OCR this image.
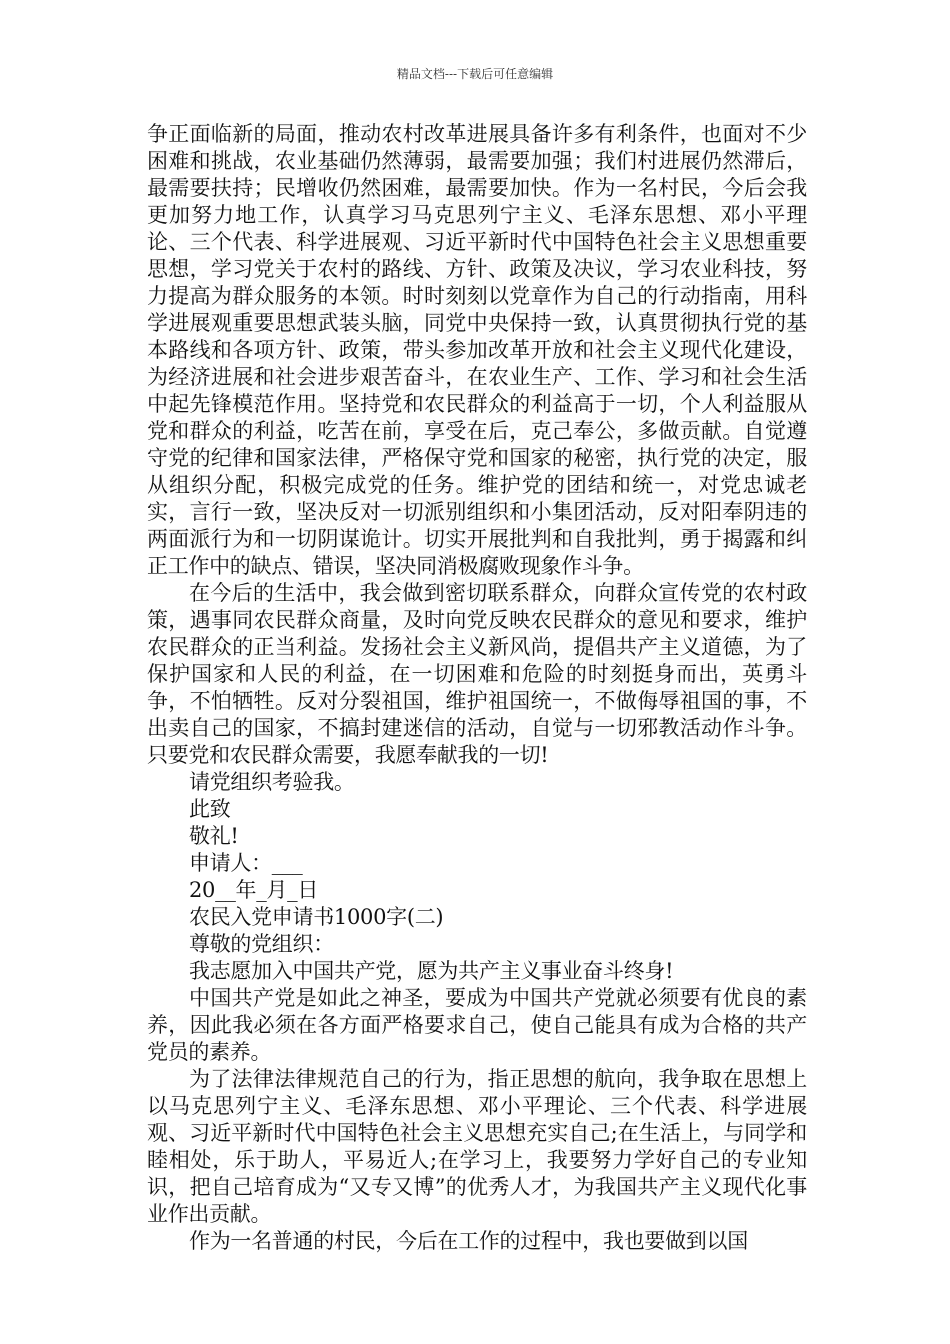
精品文档---下载后可任意编辑

争正面临新的局面，推动农村改革进展具备许多有利条件，也面对不少困难和挑战，农业基础仍然薄弱，最需要加强；我们村进展仍然滞后，最需要扶持；民增收仍然困难，最需要加快。作为一名村民，今后会我更加努力地工作，认真学习马克思列宁主义、毛泽东思想、邓小平理论、三个代表、科学进展观、习近平新时代中国特色社会主义思想重要思想，学习党关于农村的路线、方针、政策及决议，学习农业科技，努力提高为群众服务的本领。时时刻刻以党章作为自己的行动指南，用科学进展观重要思想武装头脑，同党中央保持一致，认真贯彻执行党的基本路线和各项方针、政策，带头参加改革开放和社会主义现代化建设，为经济进展和社会进步艰苦奋斗，在农业生产、工作、学习和社会生活中起先锋模范作用。坚持党和农民群众的利益高于一切，个人利益服从党和群众的利益，吃苦在前，享受在后，克己奉公，多做贡献。自觉遵守党的纪律和国家法律，严格保守党和国家的秘密，执行党的决定，服从组织分配，积极完成党的任务。维护党的团结和统一，对党忠诚老实，言行一致，坚决反对一切派别组织和小集团活动，反对阳奉阴违的两面派行为和一切阴谋诡计。切实开展批判和自我批判，勇于揭露和纠正工作中的缺点、错误，坚决同消极腐败现象作斗争。

在今后的生活中，我会做到密切联系群众，向群众宣传党的农村政策，遇事同农民群众商量，及时向党反映农民群众的意见和要求，维护农民群众的正当利益。发扬社会主义新风尚，提倡共产主义道德，为了保护国家和人民的利益，在一切困难和危险的时刻挺身而出，英勇斗争，不怕牺牲。反对分裂祖国，维护祖国统一，不做侮辱祖国的事，不出卖自己的国家，不搞封建迷信的活动，自觉与一切邪教活动作斗争。只要党和农民群众需要，我愿奉献我的一切!

请党组织考验我。

此致

敬礼!

申请人：___

20__年_月_日

农民入党申请书1000字(二)

尊敬的党组织：

我志愿加入中国共产党，愿为共产主义事业奋斗终身!

中国共产党是如此之神圣，要成为中国共产党就必须要有优良的素养，因此我必须在各方面严格要求自己，使自己能具有成为合格的共产党员的素养。

为了法律法律规范自己的行为，指正思想的航向，我争取在思想上以马克思列宁主义、毛泽东思想、邓小平理论、三个代表、科学进展观、习近平新时代中国特色社会主义思想充实自己;在生活上，与同学和睦相处，乐于助人，平易近人;在学习上，我要努力学好自己的专业知识，把自己培育成为“又专又博”的优秀人才，为我国共产主义现代化事业作出贡献。

作为一名普通的村民，今后在工作的过程中，我也要做到以国
